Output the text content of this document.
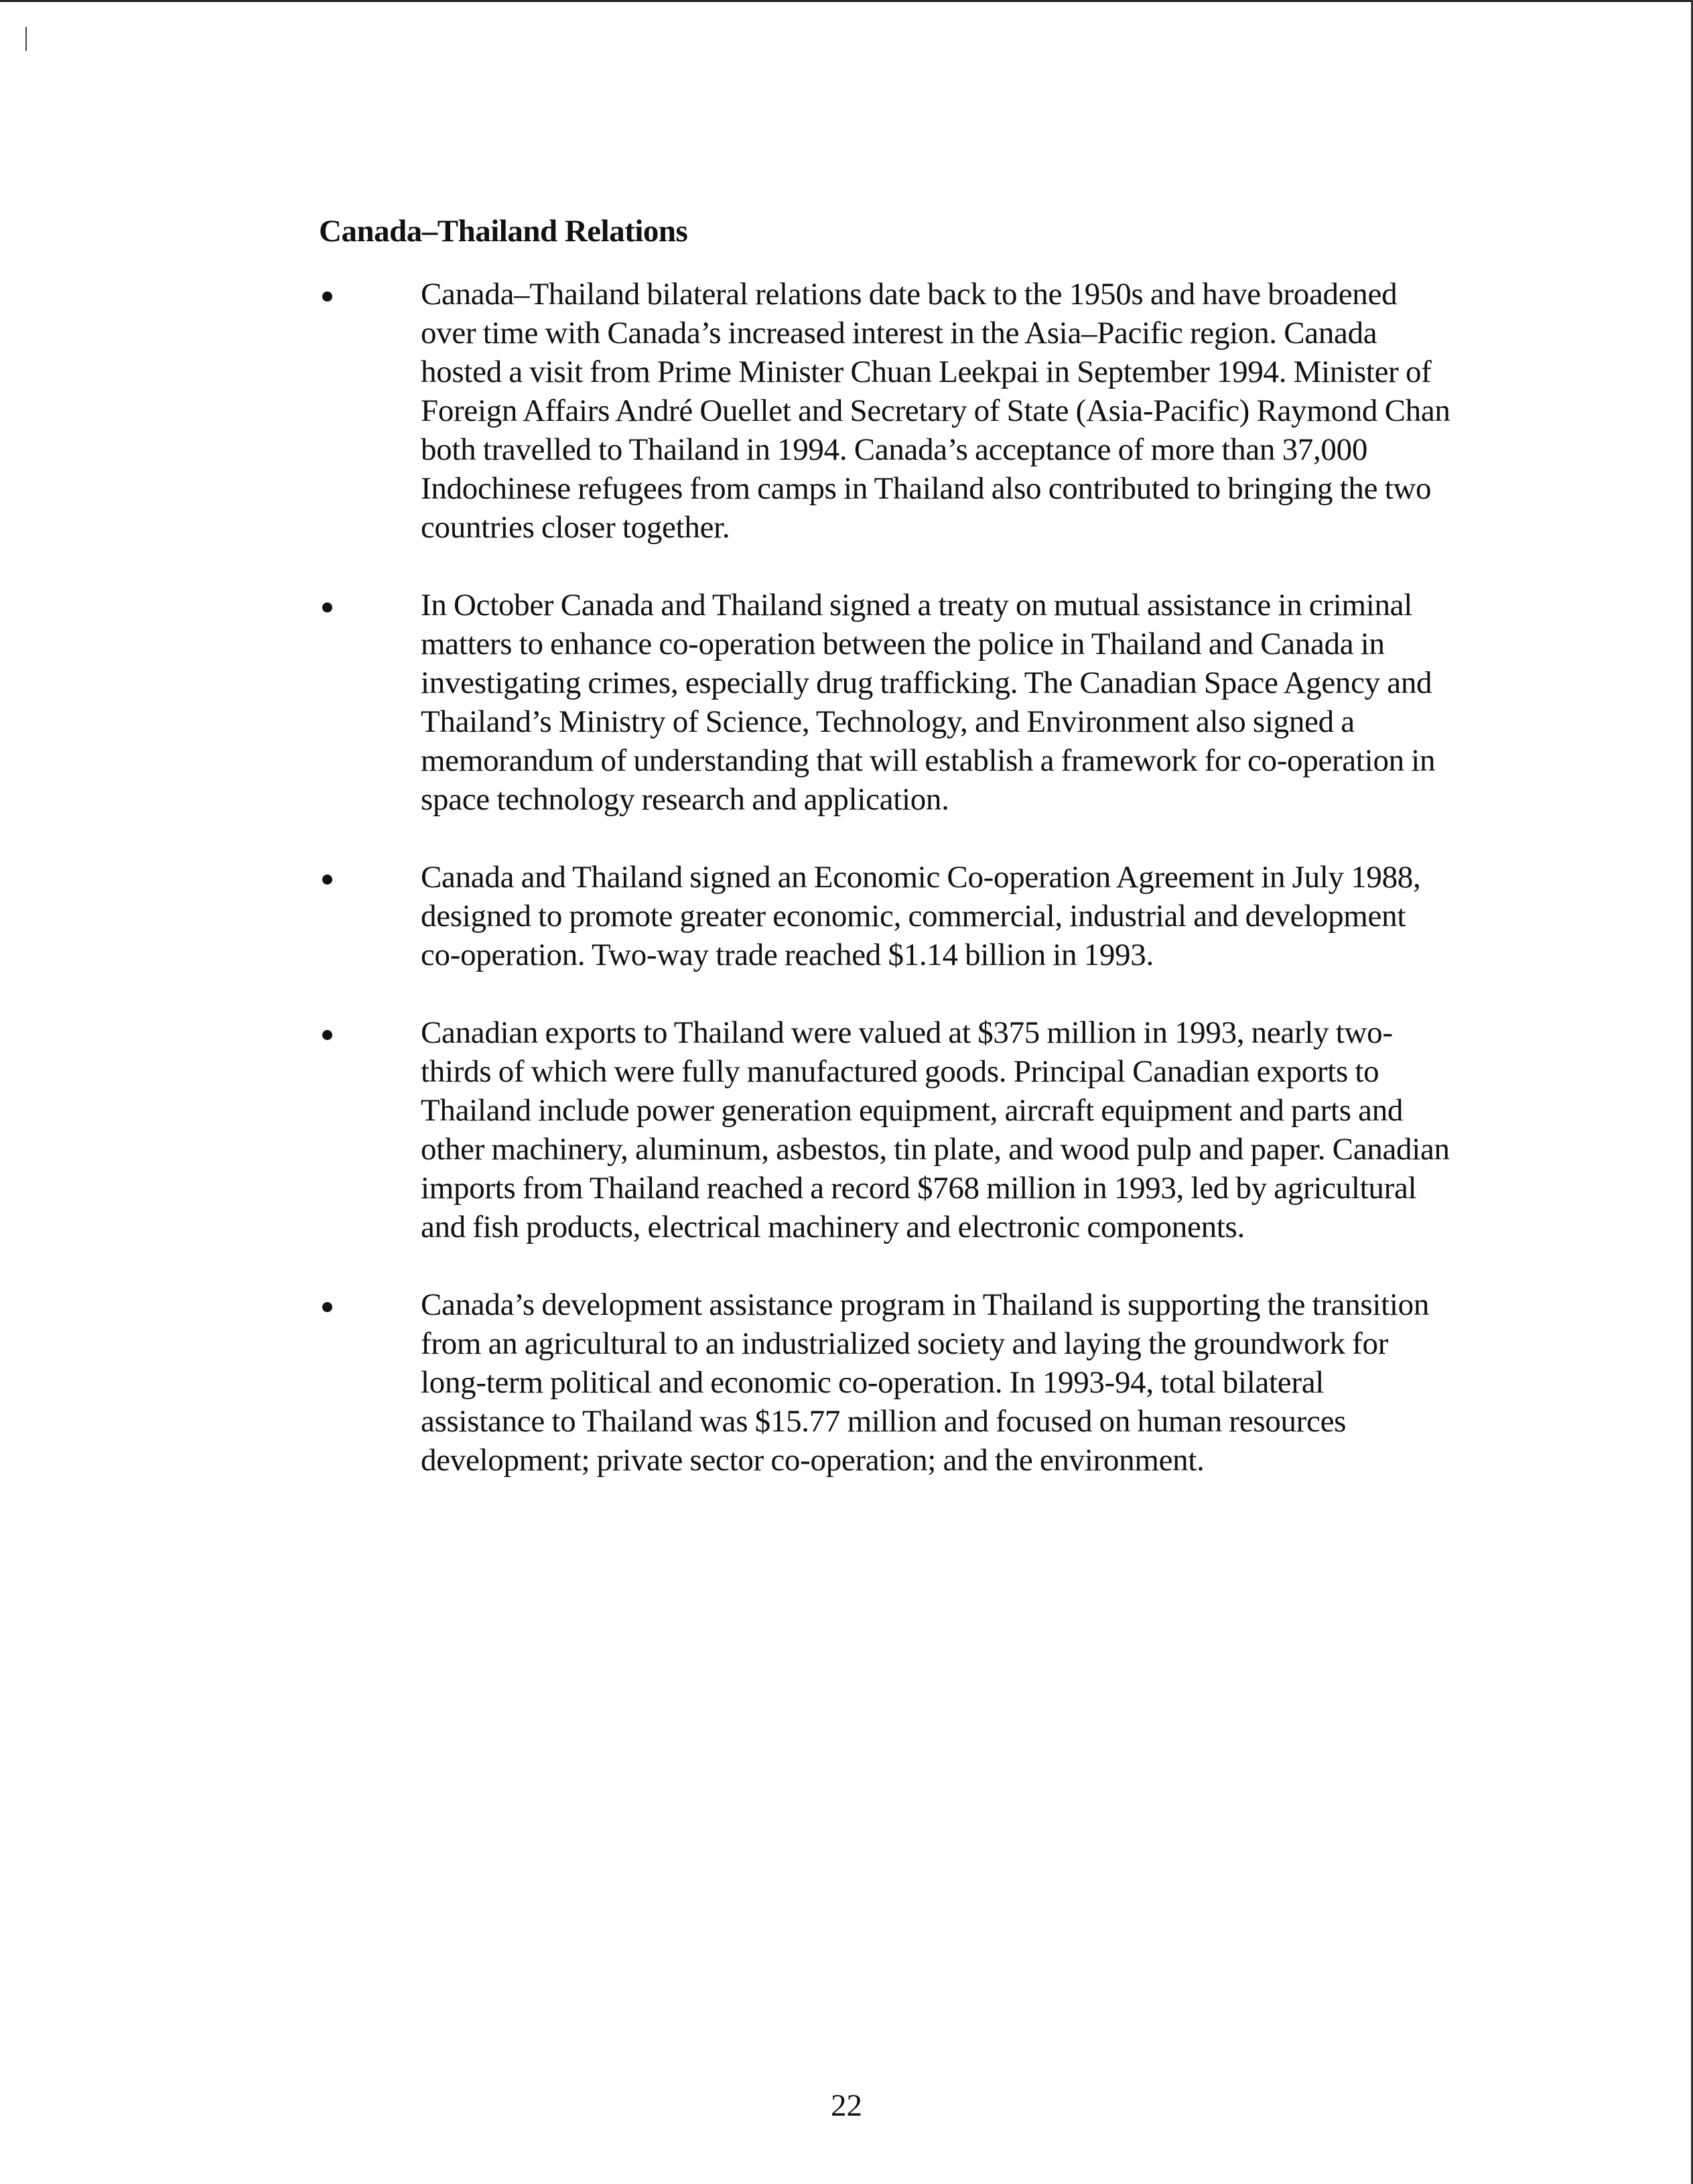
Canada–Thailand Relations
Canada–Thailand bilateral relations date back to the 1950s and have broadened over time with Canada’s increased interest in the Asia–Pacific region. Canada hosted a visit from Prime Minister Chuan Leekpai in September 1994. Minister of Foreign Affairs André Ouellet and Secretary of State (Asia-Pacific) Raymond Chan both travelled to Thailand in 1994. Canada’s acceptance of more than 37,000 Indochinese refugees from camps in Thailand also contributed to bringing the two countries closer together.
In October Canada and Thailand signed a treaty on mutual assistance in criminal matters to enhance co-operation between the police in Thailand and Canada in investigating crimes, especially drug trafficking. The Canadian Space Agency and Thailand’s Ministry of Science, Technology, and Environment also signed a memorandum of understanding that will establish a framework for co-operation in space technology research and application.
Canada and Thailand signed an Economic Co-operation Agreement in July 1988, designed to promote greater economic, commercial, industrial and development co-operation. Two-way trade reached $1.14 billion in 1993.
Canadian exports to Thailand were valued at $375 million in 1993, nearly two-thirds of which were fully manufactured goods. Principal Canadian exports to Thailand include power generation equipment, aircraft equipment and parts and other machinery, aluminum, asbestos, tin plate, and wood pulp and paper. Canadian imports from Thailand reached a record $768 million in 1993, led by agricultural and fish products, electrical machinery and electronic components.
Canada’s development assistance program in Thailand is supporting the transition from an agricultural to an industrialized society and laying the groundwork for long-term political and economic co-operation. In 1993-94, total bilateral assistance to Thailand was $15.77 million and focused on human resources development; private sector co-operation; and the environment.
22
